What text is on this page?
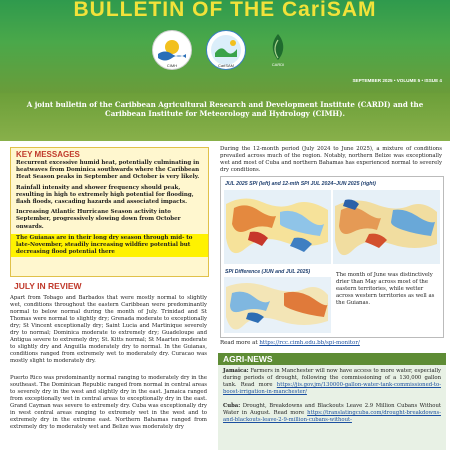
BULLETIN OF THE CariSAM
CIMH	CariSAM	CARDI
SEPTEMBER 2025 • VOLUME 5 • ISSUE 4

A joint bulletin of the Caribbean Agricultural Research and Development Institute (CARDI) and the Caribbean Institute for Meteorology and Hydrology (CIMH).

KEY MESSAGES

Recurrent excessive humid heat, potentially culminating in heatwaves from Dominica southwards where the Caribbean Heat Season peaks in September and October is very likely.

Rainfall intensity and shower frequency should peak, resulting in high to extremely high potential for flooding, flash floods, cascading hazards and associated impacts.

Increasing Atlantic Hurricane Season activity into September, progressively slowing down from October onwards.

The Guianas are in their long dry season through mid- to late-November, steadily increasing wildfire potential but decreasing flood potential there

JULY IN REVIEW

Apart from Tobago and Barbados that were mostly normal to slightly wet, conditions throughout the eastern Caribbean were predominantly normal to below normal during the month of July. Trinidad and St Thomas were normal to slightly dry; Grenada moderate to exceptionally dry; St Vincent exceptionally dry; Saint Lucia and Martinique severely dry to normal; Dominica moderate to extremely dry; Guadeloupe and Antigua severe to extremely dry; St. Kitts normal; St Maarten moderate to slightly dry and Anguilla moderately dry to normal. In the Guianas, conditions ranged from extremely wet to moderately dry. Curacao was mostly slight to moderately dry.

Puerto Rico was predominantly normal ranging to moderately dry in the southeast. The Dominican Republic ranged from normal in central areas to severely dry in the west and slightly dry in the east. Jamaica ranged from exceptionally wet in central areas to exceptionally dry in the east. Grand Cayman was severe to extremely dry. Cuba was exceptionally dry in west central areas ranging to extremely wet in the west and to extremely dry in the extreme east. Northern Bahamas ranged from extremely dry to moderately wet and Belize was moderately dry

During the 12-month period (July 2024 to June 2025), a mixture of conditions prevailed across much of the region. Notably, northern Belize was exceptionally wet and most of Cuba and northern Bahamas has experienced normal to severely dry conditions.

JUL 2025 SPI (left) and 12-mth SPI JUL 2024–JUN 2025 (right)

SPI Difference (JUN and JUL 2025)	The month of June was distinctively drier than May across most of the eastern territories, while wetter across western territories as well as the Guianas.

Read more at https://rcc.cimh.edu.bb/spi-monitor/

AGRI-NEWS

Jamaica: Farmers in Manchester will now have access to more water, especially during periods of drought, following the commissioning of a 130,000 gallon tank. Read more https://jis.gov.jm/130000-gallon-water-tank-commissioned-to-boost-irrigation-in-manchester/

Cuba: Drought, Breakdowns and Blackouts Leave 2.9 Million Cubans Without Water in August. Read more https://translatingcuba.com/drought-breakdowns-and-blackouts-leave-2-9-million-cubans-without-
